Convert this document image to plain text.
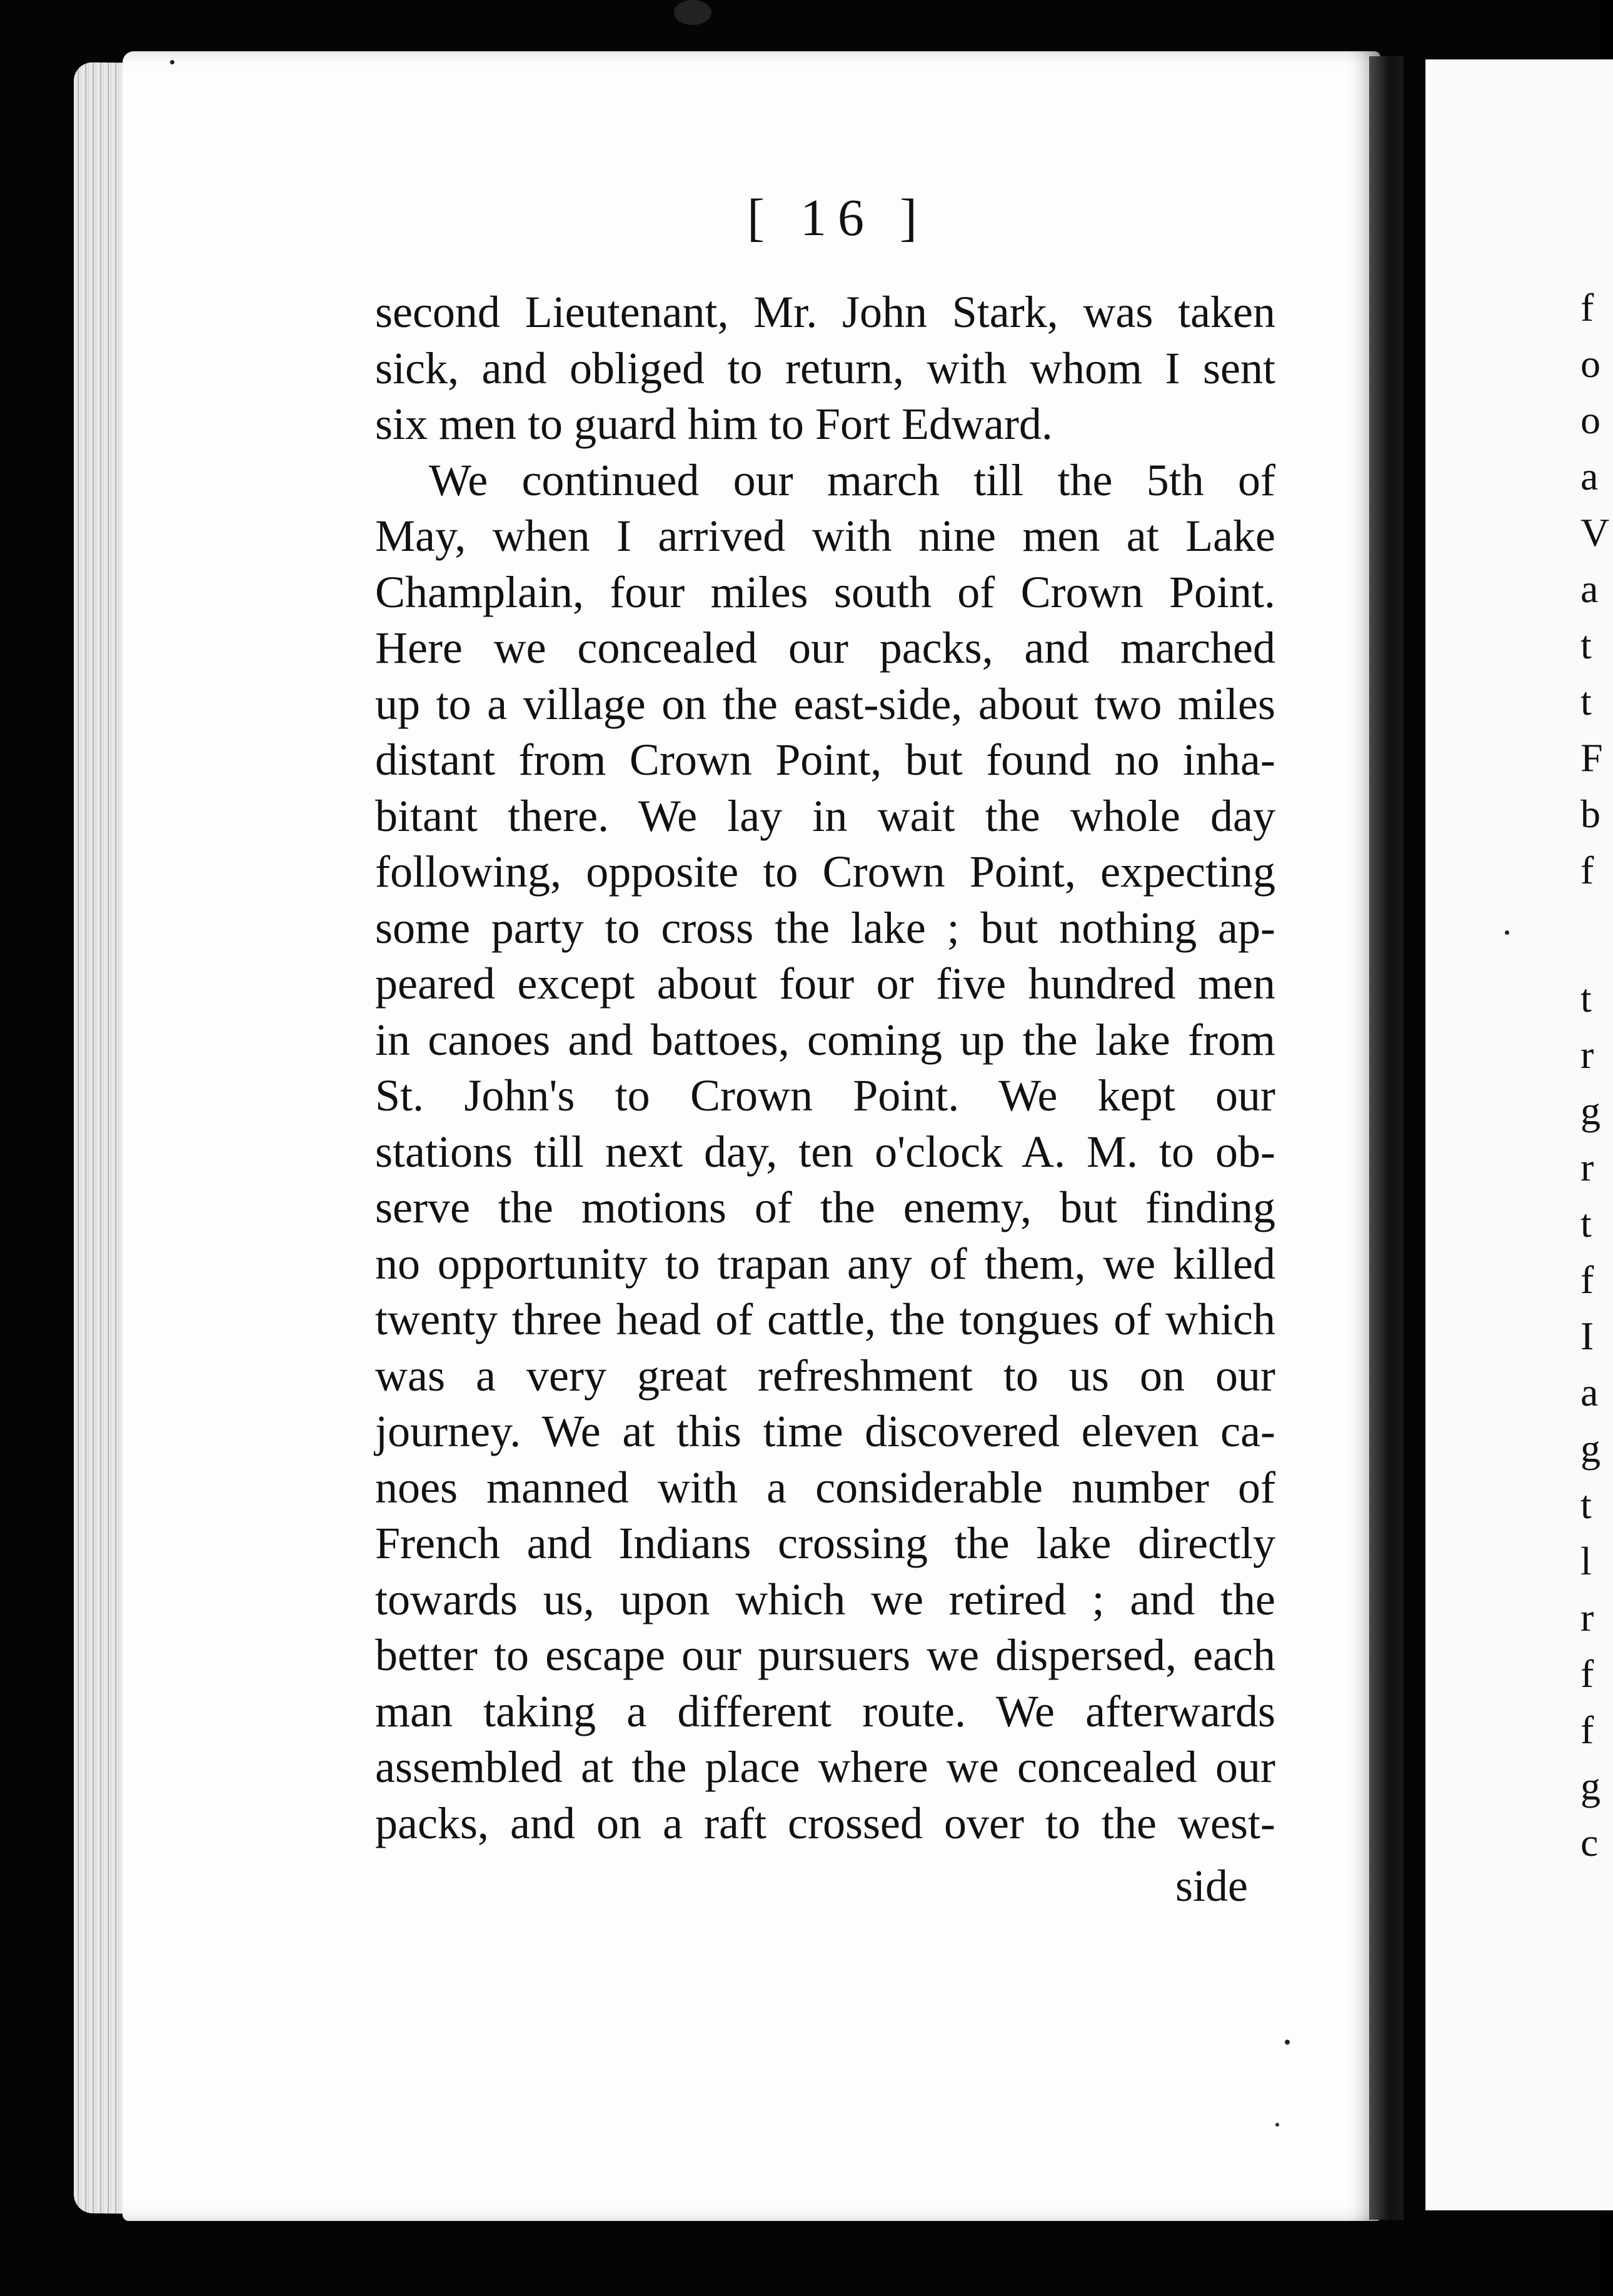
f
o
o
a
V
a
t
t
F
b
f
t
r
g
r
t
f
I
a
g
t
l
r
f
f
g
c
[ 16 ]
second Lieutenant, Mr. John Stark, was taken
sick, and obliged to return, with whom I sent
six men to guard him to Fort Edward.
We continued our march till the 5th of
May, when I arrived with nine men at Lake
Champlain, four miles south of Crown Point.
Here we concealed our packs, and marched
up to a village on the east-side, about two miles
distant from Crown Point, but found no inha-
bitant there. We lay in wait the whole day
following, opposite to Crown Point, expecting
some party to cross the lake ; but nothing ap-
peared except about four or five hundred men
in canoes and battoes, coming up the lake from
St. John's to Crown Point. We kept our
stations till next day, ten o'clock A. M. to ob-
serve the motions of the enemy, but finding
no opportunity to trapan any of them, we killed
twenty three head of cattle, the tongues of which
was a very great refreshment to us on our
journey. We at this time discovered eleven ca-
noes manned with a considerable number of
French and Indians crossing the lake directly
towards us, upon which we retired ; and the
better to escape our pursuers we dispersed, each
man taking a different route. We afterwards
assembled at the place where we concealed our
packs, and on a raft crossed over to the west-
side
